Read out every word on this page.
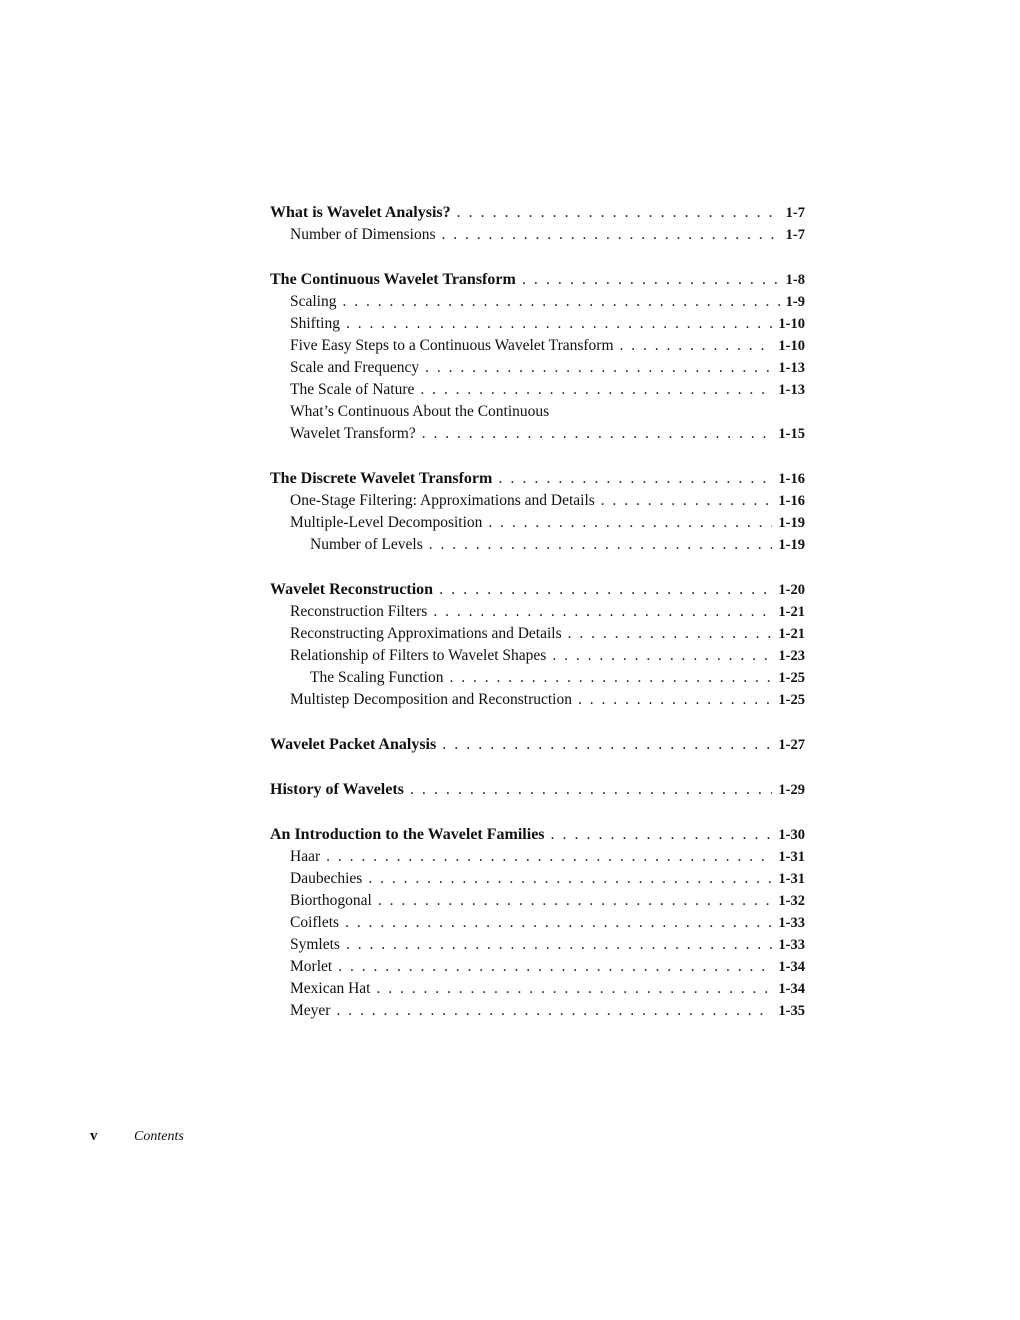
What is Wavelet Analysis? . . .	1-7
Number of Dimensions . . .	1-7
The Continuous Wavelet Transform . . .	1-8
Scaling . . .	1-9
Shifting . . .	1-10
Five Easy Steps to a Continuous Wavelet Transform . . .	1-10
Scale and Frequency . . .	1-13
The Scale of Nature . . .	1-13
What’s Continuous About the Continuous
Wavelet Transform? . . .	1-15
The Discrete Wavelet Transform . . .	1-16
One-Stage Filtering: Approximations and Details . . .	1-16
Multiple-Level Decomposition . . .	1-19
Number of Levels . . .	1-19
Wavelet Reconstruction . . .	1-20
Reconstruction Filters . . .	1-21
Reconstructing Approximations and Details . . .	1-21
Relationship of Filters to Wavelet Shapes . . .	1-23
The Scaling Function . . .	1-25
Multistep Decomposition and Reconstruction . . .	1-25
Wavelet Packet Analysis . . .	1-27
History of Wavelets . . .	1-29
An Introduction to the Wavelet Families . . .	1-30
Haar . . .	1-31
Daubechies . . .	1-31
Biorthogonal . . .	1-32
Coiflets . . .	1-33
Symlets . . .	1-33
Morlet . . .	1-34
Mexican Hat . . .	1-34
Meyer . . .	1-35
v	Contents
